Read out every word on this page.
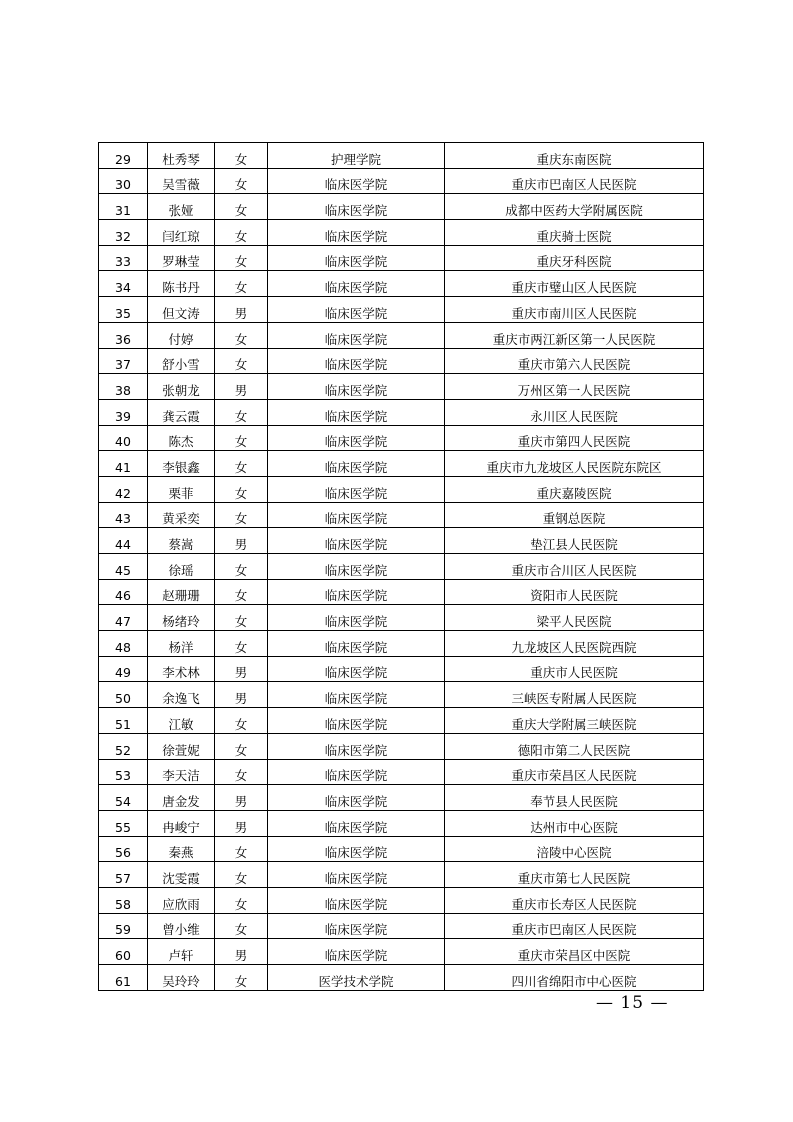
29	杜秀琴	女	护理学院	重庆东南医院
30	吴雪薇	女	临床医学院	重庆市巴南区人民医院
31	张娅	女	临床医学院	成都中医药大学附属医院
32	闫红琼	女	临床医学院	重庆骑士医院
33	罗琳莹	女	临床医学院	重庆牙科医院
34	陈书丹	女	临床医学院	重庆市璧山区人民医院
35	但文涛	男	临床医学院	重庆市南川区人民医院
36	付婷	女	临床医学院	重庆市两江新区第一人民医院
37	舒小雪	女	临床医学院	重庆市第六人民医院
38	张朝龙	男	临床医学院	万州区第一人民医院
39	龚云霞	女	临床医学院	永川区人民医院
40	陈杰	女	临床医学院	重庆市第四人民医院
41	李银鑫	女	临床医学院	重庆市九龙坡区人民医院东院区
42	栗菲	女	临床医学院	重庆嘉陵医院
43	黄采奕	女	临床医学院	重钢总医院
44	蔡嵩	男	临床医学院	垫江县人民医院
45	徐瑶	女	临床医学院	重庆市合川区人民医院
46	赵珊珊	女	临床医学院	资阳市人民医院
47	杨绪玲	女	临床医学院	梁平人民医院
48	杨洋	女	临床医学院	九龙坡区人民医院西院
49	李术林	男	临床医学院	重庆市人民医院
50	余逸飞	男	临床医学院	三峡医专附属人民医院
51	江敏	女	临床医学院	重庆大学附属三峡医院
52	徐萱妮	女	临床医学院	德阳市第二人民医院
53	李天洁	女	临床医学院	重庆市荣昌区人民医院
54	唐金发	男	临床医学院	奉节县人民医院
55	冉峻宁	男	临床医学院	达州市中心医院
56	秦燕	女	临床医学院	涪陵中心医院
57	沈雯霞	女	临床医学院	重庆市第七人民医院
58	应欣雨	女	临床医学院	重庆市长寿区人民医院
59	曾小维	女	临床医学院	重庆市巴南区人民医院
60	卢轩	男	临床医学院	重庆市荣昌区中医院
61	吴玲玲	女	医学技术学院	四川省绵阳市中心医院
— 15 —
